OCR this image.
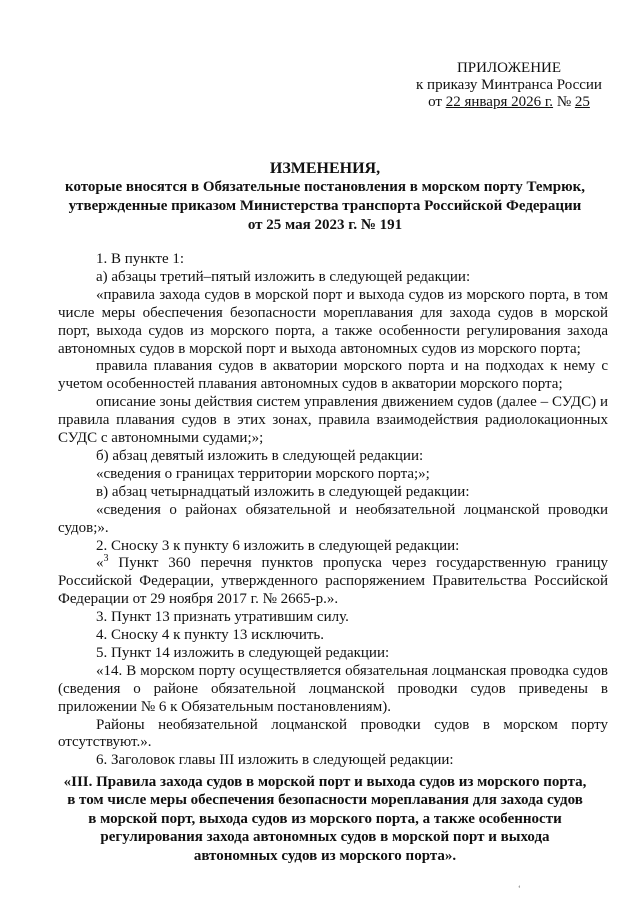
ПРИЛОЖЕНИЕ
к приказу Минтранса России
от 22 января 2026 г. № 25
ИЗМЕНЕНИЯ,
которые вносятся в Обязательные постановления в морском порту Темрюк,
утвержденные приказом Министерства транспорта Российской Федерации
от 25 мая 2023 г. № 191

1. В пункте 1:

а) абзацы третий–пятый изложить в следующей редакции:

«правила захода судов в морской порт и выхода судов из морского порта, в том числе меры обеспечения безопасности мореплавания для захода судов в морской порт, выхода судов из морского порта, а также особенности регулирования захода автономных судов в морской порт и выхода автономных судов из морского порта;

правила плавания судов в акватории морского порта и на подходах к нему с учетом особенностей плавания автономных судов в акватории морского порта;

описание зоны действия систем управления движением судов (далее – СУДС) и правила плавания судов в этих зонах, правила взаимодействия радиолокационных СУДС с автономными судами;»;

б) абзац девятый изложить в следующей редакции:

«сведения о границах территории морского порта;»;

в) абзац четырнадцатый изложить в следующей редакции:

«сведения о районах обязательной и необязательной лоцманской проводки судов;».

2. Сноску 3 к пункту 6 изложить в следующей редакции:

«$^3$ Пункт 360 перечня пунктов пропуска через государственную границу Российской Федерации, утвержденного распоряжением Правительства Российской Федерации от 29 ноября 2017 г. № 2665-р.».

3. Пункт 13 признать утратившим силу.

4. Сноску 4 к пункту 13 исключить.

5. Пункт 14 изложить в следующей редакции:

«14. В морском порту осуществляется обязательная лоцманская проводка судов (сведения о районе обязательной лоцманской проводки судов приведены в приложении № 6 к Обязательным постановлениям).

Районы необязательной лоцманской проводки судов в морском порту отсутствуют.».

6. Заголовок главы III изложить в следующей редакции:

«III. Правила захода судов в морской порт и выхода судов из морского порта,
в том числе меры обеспечения безопасности мореплавания для захода судов
в морской порт, выхода судов из морского порта, а также особенности
регулирования захода автономных судов в морской порт и выхода
автономных судов из морского порта».
ʻ
